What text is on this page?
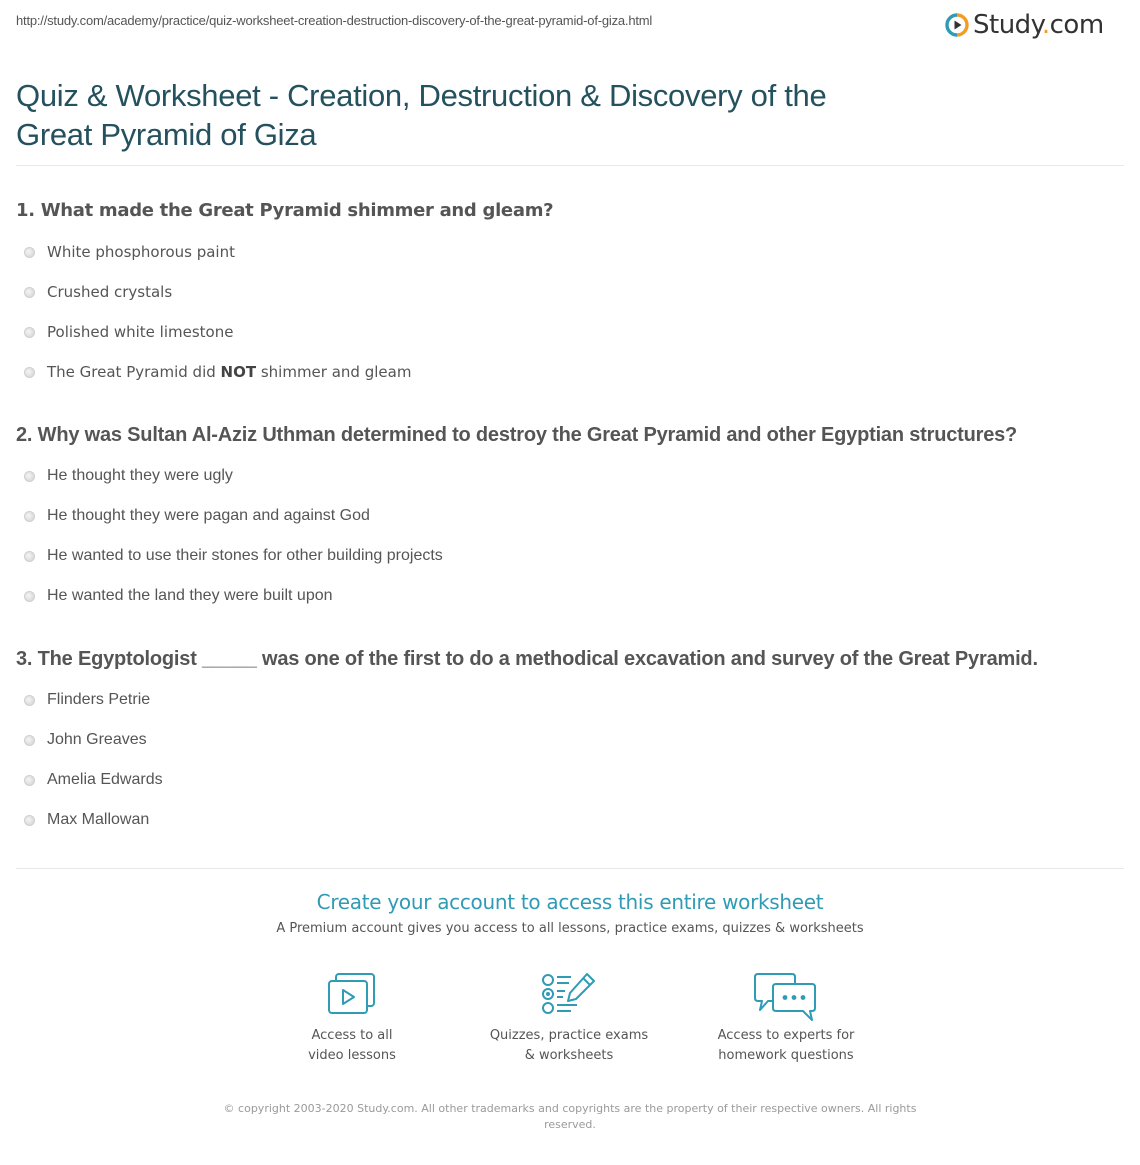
http://study.com/academy/practice/quiz-worksheet-creation-destruction-discovery-of-the-great-pyramid-of-giza.html	Study.com
Quiz & Worksheet - Creation, Destruction & Discovery of the Great Pyramid of Giza
1. What made the Great Pyramid shimmer and gleam?
White phosphorous paint
Crushed crystals
Polished white limestone
The Great Pyramid did NOT shimmer and gleam
2. Why was Sultan Al-Aziz Uthman determined to destroy the Great Pyramid and other Egyptian structures?
He thought they were ugly
He thought they were pagan and against God
He wanted to use their stones for other building projects
He wanted the land they were built upon
3. The Egyptologist _____ was one of the first to do a methodical excavation and survey of the Great Pyramid.
Flinders Petrie
John Greaves
Amelia Edwards
Max Mallowan
Create your account to access this entire worksheet
A Premium account gives you access to all lessons, practice exams, quizzes & worksheets
Access to all
video lessons
Quizzes, practice exams
& worksheets
Access to experts for
homework questions
© copyright 2003-2020 Study.com. All other trademarks and copyrights are the property of their respective owners. All rights reserved.
